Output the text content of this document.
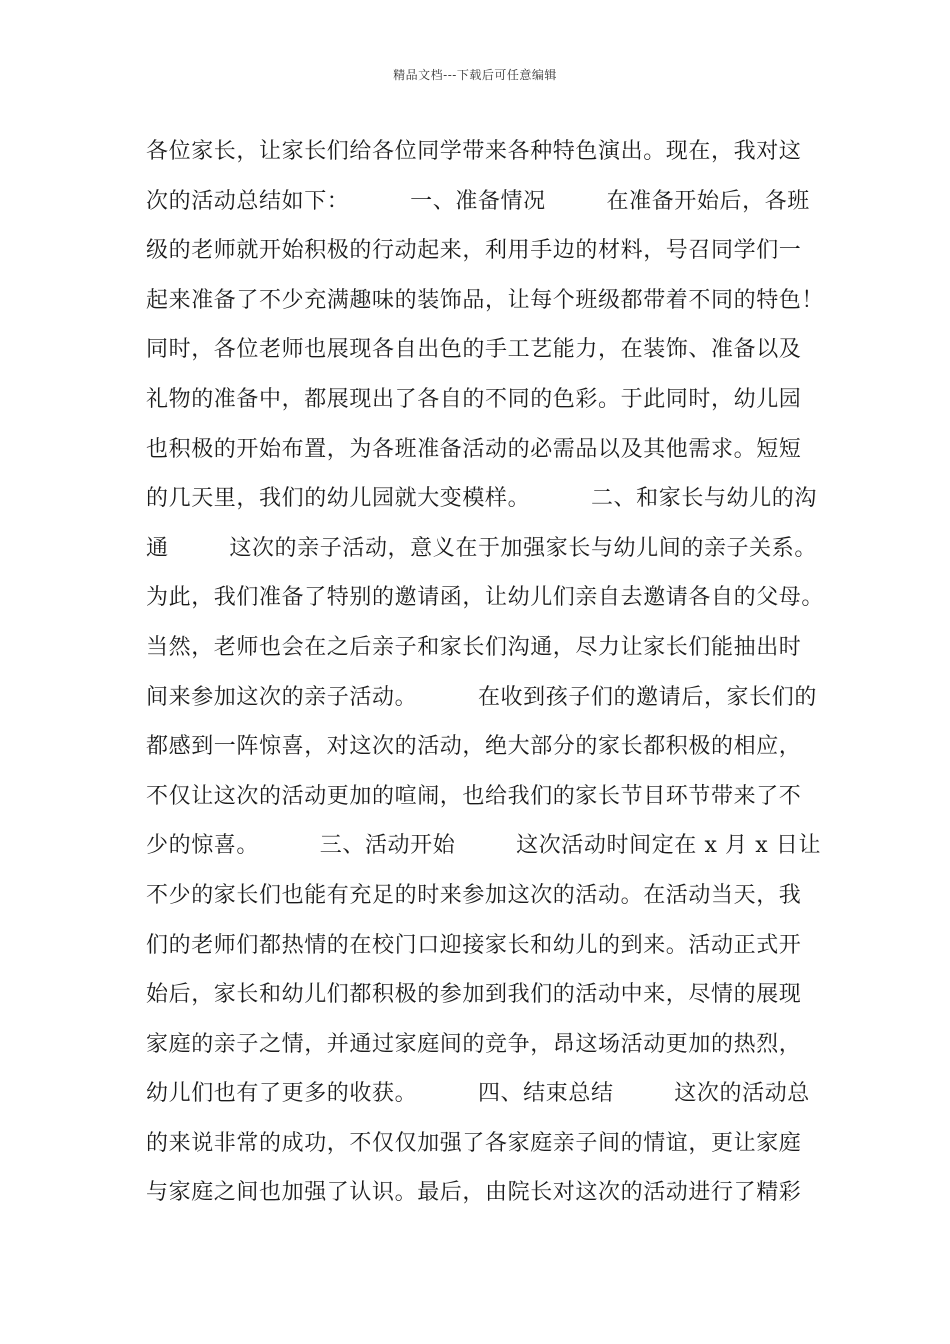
精品文档---下载后可任意编辑
各位家长，让家长们给各位同学带来各种特色演出。现在，我对这
次的活动总结如下：        一、准备情况        在准备开始后，各班
级的老师就开始积极的行动起来，利用手边的材料，号召同学们一
起来准备了不少充满趣味的装饰品，让每个班级都带着不同的特色！
同时，各位老师也展现各自出色的手工艺能力，在装饰、准备以及
礼物的准备中，都展现出了各自的不同的色彩。于此同时，幼儿园
也积极的开始布置，为各班准备活动的必需品以及其他需求。短短
的几天里，我们的幼儿园就大变模样。        二、和家长与幼儿的沟
通        这次的亲子活动，意义在于加强家长与幼儿间的亲子关系。
为此，我们准备了特别的邀请函，让幼儿们亲自去邀请各自的父母。
当然，老师也会在之后亲子和家长们沟通，尽力让家长们能抽出时
间来参加这次的亲子活动。        在收到孩子们的邀请后，家长们的
都感到一阵惊喜，对这次的活动，绝大部分的家长都积极的相应，
不仅让这次的活动更加的喧闹，也给我们的家长节目环节带来了不
少的惊喜。        三、活动开始        这次活动时间定在 x 月 x 日让
不少的家长们也能有充足的时来参加这次的活动。在活动当天，我
们的老师们都热情的在校门口迎接家长和幼儿的到来。活动正式开
始后，家长和幼儿们都积极的参加到我们的活动中来，尽情的展现
家庭的亲子之情，并通过家庭间的竞争，昂这场活动更加的热烈，
幼儿们也有了更多的收获。        四、结束总结        这次的活动总
的来说非常的成功，不仅仅加强了各家庭亲子间的情谊，更让家庭
与家庭之间也加强了认识。最后，由院长对这次的活动进行了精彩
